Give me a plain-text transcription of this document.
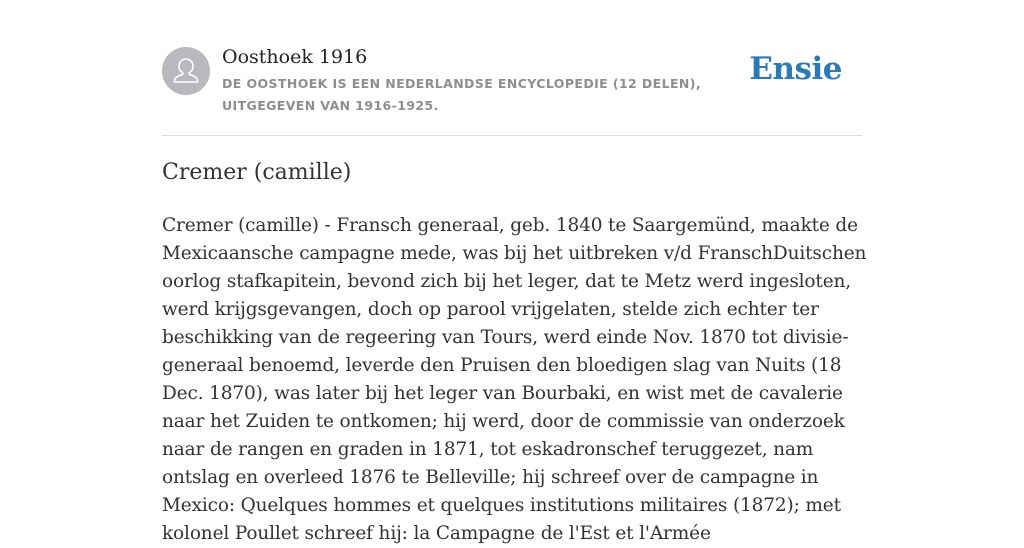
Oosthoek 1916
DE OOSTHOEK IS EEN NEDERLANDSE ENCYCLOPEDIE (12 DELEN), UITGEGEVEN VAN 1916-1925.
Ensie
Cremer (camille)

Cremer (camille) - Fransch generaal, geb. 1840 te Saargemünd, maakte de Mexicaansche campagne mede, was bij het uitbreken v/d FranschDuitschen oorlog stafkapitein, bevond zich bij het leger, dat te Metz werd ingesloten, werd krijgsgevangen, doch op parool vrijgelaten, stelde zich echter ter beschikking van de regeering van Tours, werd einde Nov. 1870 tot divisie-generaal benoemd, leverde den Pruisen den bloedigen slag van Nuits (18 Dec. 1870), was later bij het leger van Bourbaki, en wist met de cavalerie naar het Zuiden te ontkomen; hij werd, door de commissie van onderzoek naar de rangen en graden in 1871, tot eskadronschef teruggezet, nam ontslag en overleed 1876 te Belleville; hij schreef over de campagne in Mexico: Quelques hommes et quelques institutions militaires (1872); met kolonel Poullet schreef hij: la Campagne de l'Est et l'Armée
